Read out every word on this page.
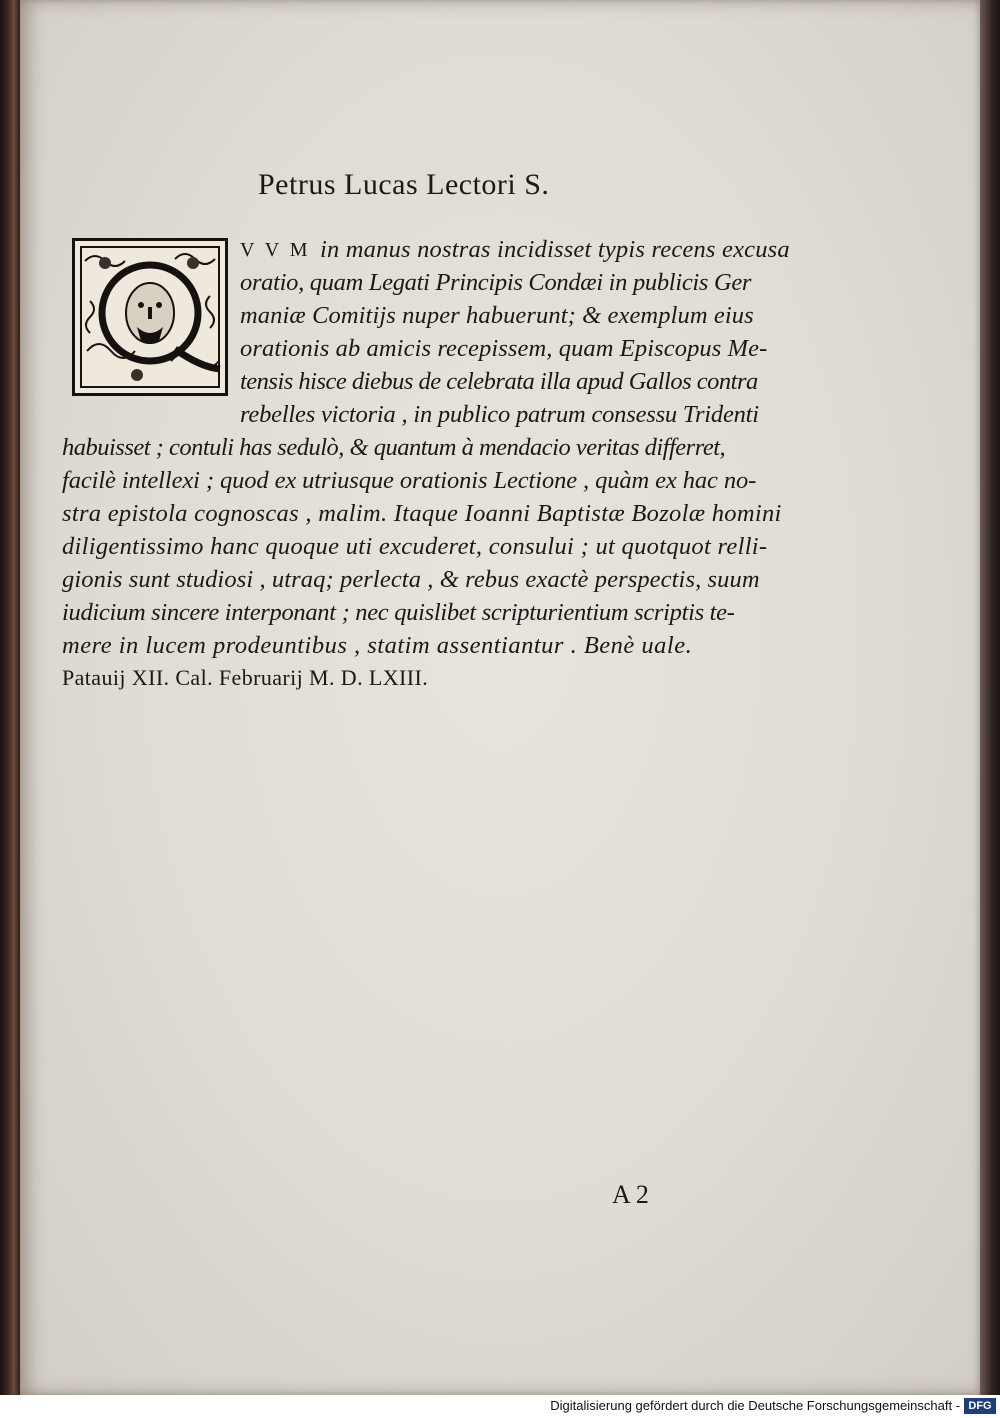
Petrus Lucas Lectori S.

V V M in manus nostras incidisset typis recens excusa

oratio, quam Legati Principis Condæi in publicis Ger

maniæ Comitijs nuper habuerunt; & exemplum eius

orationis ab amicis recepissem, quam Episcopus Me-

tensis hisce diebus de celebrata illa apud Gallos contra

rebelles victoria , in publico patrum consessu Tridenti

habuisset ; contuli has sedulò, & quantum à mendacio veritas differret,

facilè intellexi ; quod ex utriusque orationis Lectione , quàm ex hac no-

stra epistola cognoscas , malim. Itaque Ioanni Baptistæ Bozolæ homini

diligentissimo hanc quoque uti excuderet, consului ; ut quotquot relli-

gionis sunt studiosi , utraq; perlecta , & rebus exactè perspectis, suum

iudicium sincere interponant ; nec quislibet scripturientium scriptis te-

mere in lucem prodeuntibus , statim assentiantur . Benè uale.

Patauij XII. Cal. Februarij M. D. LXIII.

A 2

Digitalisierung gefördert durch die Deutsche Forschungsgemeinschaft - DFG
